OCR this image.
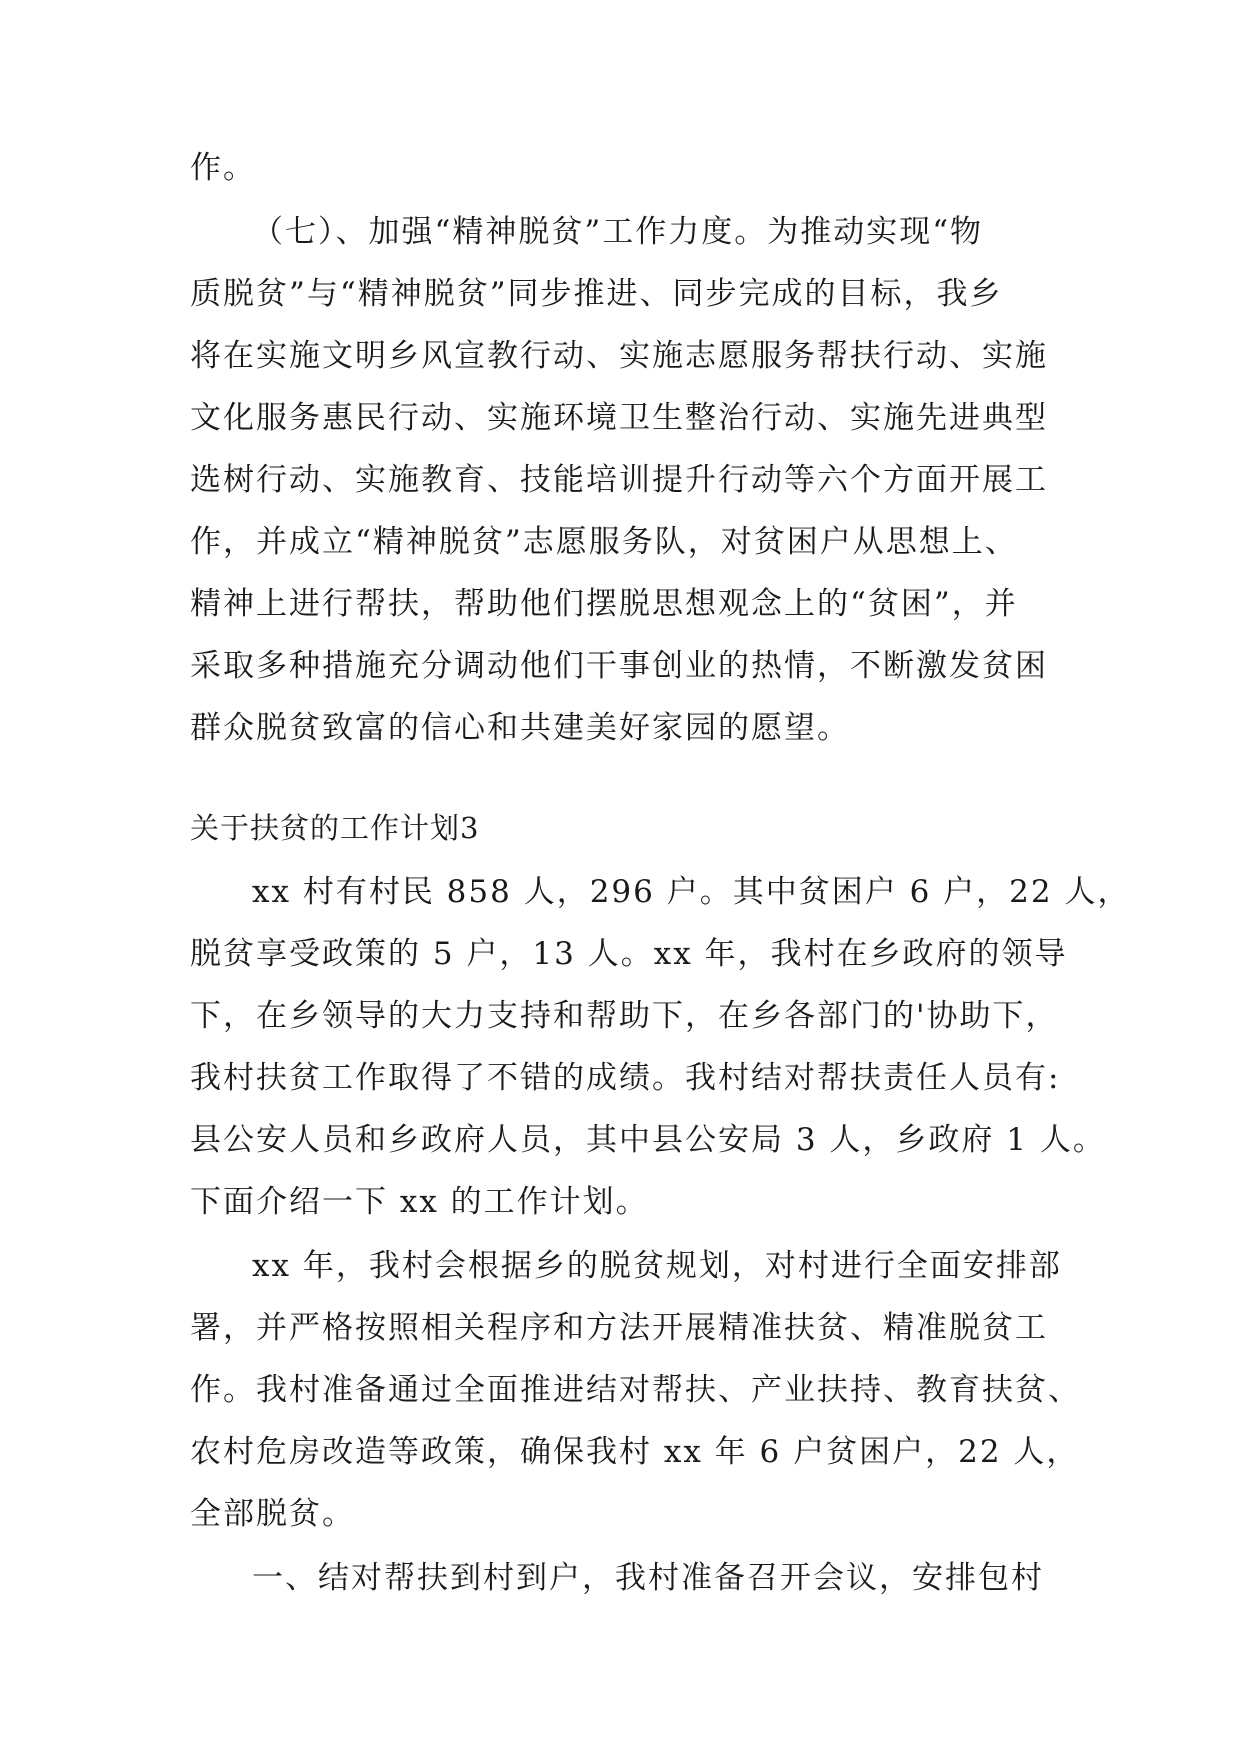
作。

（七）、加强“精神脱贫”工作力度。为推动实现“物

质脱贫”与“精神脱贫”同步推进、同步完成的目标，我乡

将在实施文明乡风宣教行动、实施志愿服务帮扶行动、实施

文化服务惠民行动、实施环境卫生整治行动、实施先进典型

选树行动、实施教育、技能培训提升行动等六个方面开展工

作，并成立“精神脱贫”志愿服务队，对贫困户从思想上、

精神上进行帮扶，帮助他们摆脱思想观念上的“贫困”，并

采取多种措施充分调动他们干事创业的热情，不断激发贫困

群众脱贫致富的信心和共建美好家园的愿望。

关于扶贫的工作计划3

xx 村有村民 858 人，296 户。其中贫困户 6 户，22 人，

脱贫享受政策的 5 户，13 人。xx 年，我村在乡政府的领导

下，在乡领导的大力支持和帮助下，在乡各部门的'协助下，

我村扶贫工作取得了不错的成绩。我村结对帮扶责任人员有:

县公安人员和乡政府人员，其中县公安局 3 人，乡政府 1 人。

下面介绍一下 xx 的工作计划。

xx 年，我村会根据乡的脱贫规划，对村进行全面安排部

署，并严格按照相关程序和方法开展精准扶贫、精准脱贫工

作。我村准备通过全面推进结对帮扶、产业扶持、教育扶贫、

农村危房改造等政策，确保我村 xx 年 6 户贫困户，22 人，

全部脱贫。

一、结对帮扶到村到户，我村准备召开会议，安排包村
